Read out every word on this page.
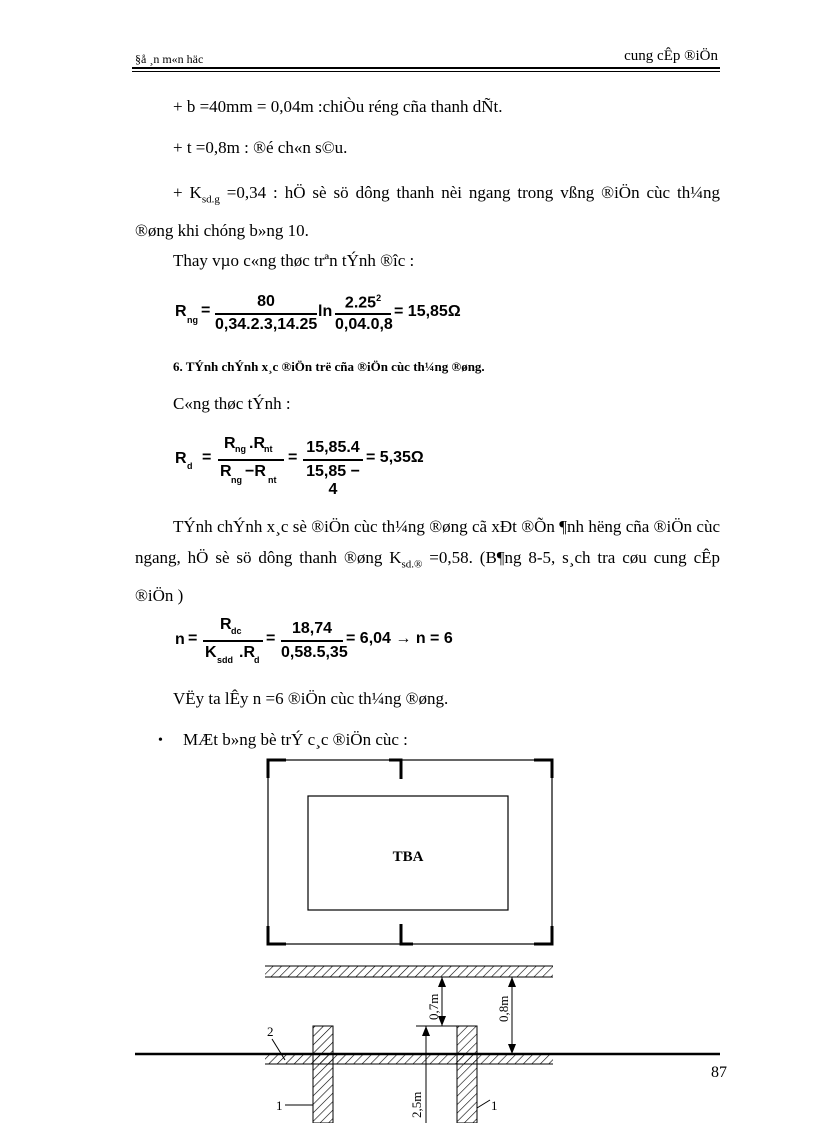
§å ¸n m«n häc	cung cÊp ®iÖn
+ b =40mm = 0,04m :chiÒu réng cña thanh dÑt.
+ t =0,8m : ®é ch«n s©u.
+ $K_{sd.g} =0,34$ : hÖ sè sö dông thanh nèi ngang trong vßng ®iÖn cùc th¼ng ®øng khi chóng b»ng 10.
Thay vµo c«ng thøc trªn tÝnh ®îc :
R ng
=
80
0,34.2.3,14.25
ln
2.25$^2$
0,04.0,8
= 15,85Ω
6. TÝnh chÝnh x¸c ®iÖn trë cña ®iÖn cùc th¼ng ®øng.
C«ng thøc tÝnh :
R d =
R ng .R nt
R ng −R nt
=
15,85.4
15,85 − 4
= 5,35Ω
TÝnh chÝnh x¸c sè ®iÖn cùc th¼ng ®øng cã xÐt ®Õn ¶nh hëng cña ®iÖn cùc ngang, hÖ sè sö dông thanh ®øng $K_{sd.®} =0,58$. (B¶ng 8-5, s¸ch tra cøu cung cÊp ®iÖn )
n =
R dc
K sdd .R d
=
18,74
0,58.5,35
= 6,04 → n = 6
VËy ta lÊy n =6 ®iÖn cùc th¼ng ®øng.
• MÆt b»ng bè trÝ c¸c ®iÖn cùc :
TBA
0,7m	0,8m
2,5m
2
1	1
87
